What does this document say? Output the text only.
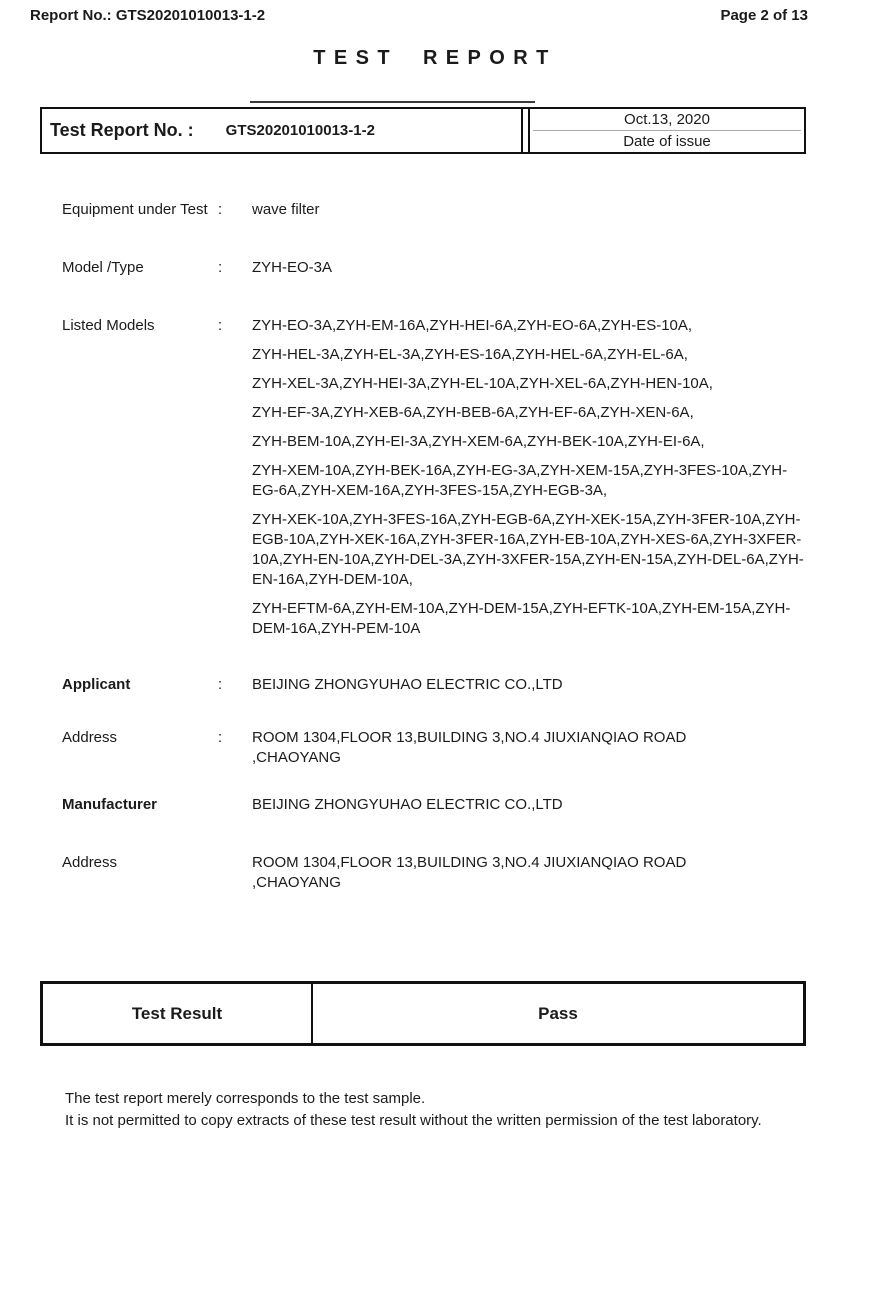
Report No.: GTS20201010013-1-2	Page 2 of 13
TEST REPORT
Test Report No. : GTS20201010013-1-2
Oct.13, 2020
Date of issue
Equipment under Test :	wave filter
Model /Type	:	ZYH-EO-3A
Listed Models	:	ZYH-EO-3A,ZYH-EM-16A,ZYH-HEI-6A,ZYH-EO-6A,ZYH-ES-10A,

ZYH-HEL-3A,ZYH-EL-3A,ZYH-ES-16A,ZYH-HEL-6A,ZYH-EL-6A,

ZYH-XEL-3A,ZYH-HEI-3A,ZYH-EL-10A,ZYH-XEL-6A,ZYH-HEN-10A,

ZYH-EF-3A,ZYH-XEB-6A,ZYH-BEB-6A,ZYH-EF-6A,ZYH-XEN-6A,

ZYH-BEM-10A,ZYH-EI-3A,ZYH-XEM-6A,ZYH-BEK-10A,ZYH-EI-6A,

ZYH-XEM-10A,ZYH-BEK-16A,ZYH-EG-3A,ZYH-XEM-15A,ZYH-3FES-10A,ZYH-EG-6A,ZYH-XEM-16A,ZYH-3FES-15A,ZYH-EGB-3A,

ZYH-XEK-10A,ZYH-3FES-16A,ZYH-EGB-6A,ZYH-XEK-15A,ZYH-3FER-10A,ZYH-EGB-10A,ZYH-XEK-16A,ZYH-3FER-16A,ZYH-EB-10A,ZYH-XES-6A,ZYH-3XFER-10A,ZYH-EN-10A,ZYH-DEL-3A,ZYH-3XFER-15A,ZYH-EN-15A,ZYH-DEL-6A,ZYH-EN-16A,ZYH-DEM-10A,

ZYH-EFTM-6A,ZYH-EM-10A,ZYH-DEM-15A,ZYH-EFTK-10A,ZYH-EM-15A,ZYH-DEM-16A,ZYH-PEM-10A

Applicant	:	BEIJING ZHONGYUHAO ELECTRIC CO.,LTD
Address	:	ROOM 1304,FLOOR 13,BUILDING 3,NO.4 JIUXIANQIAO ROAD ,CHAOYANG
Manufacturer	BEIJING ZHONGYUHAO ELECTRIC CO.,LTD
Address	ROOM 1304,FLOOR 13,BUILDING 3,NO.4 JIUXIANQIAO ROAD ,CHAOYANG
Test Result	Pass

The test report merely corresponds to the test sample.

It is not permitted to copy extracts of these test result without the written permission of the test laboratory.
